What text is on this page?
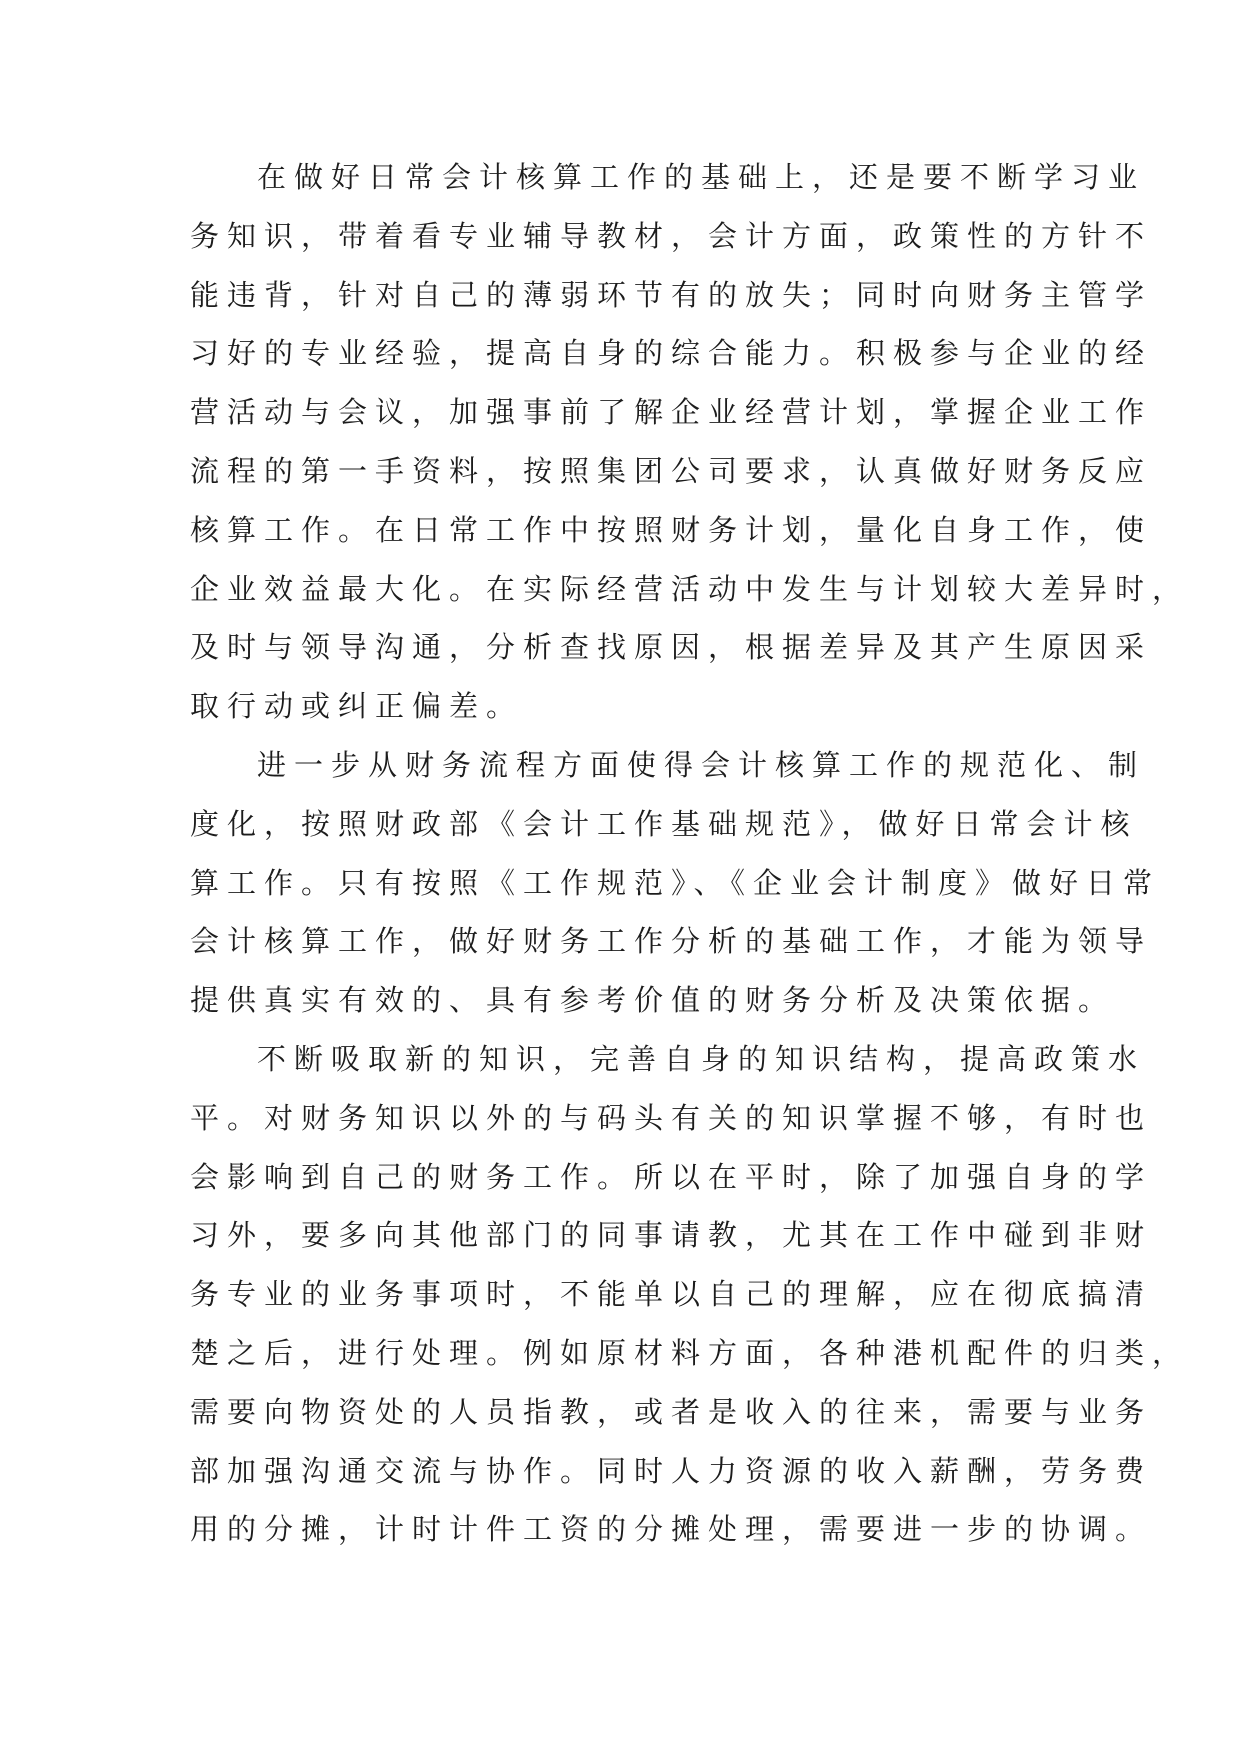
在做好日常会计核算工作的基础上，还是要不断学习业
务知识，带着看专业辅导教材，会计方面，政策性的方针不
能违背，针对自己的薄弱环节有的放失；同时向财务主管学
习好的专业经验，提高自身的综合能力。积极参与企业的经
营活动与会议，加强事前了解企业经营计划，掌握企业工作
流程的第一手资料，按照集团公司要求，认真做好财务反应
核算工作。在日常工作中按照财务计划，量化自身工作，使
企业效益最大化。在实际经营活动中发生与计划较大差异时，
及时与领导沟通，分析查找原因，根据差异及其产生原因采
取行动或纠正偏差。
进一步从财务流程方面使得会计核算工作的规范化、制
度化，按照财政部《会计工作基础规范》，做好日常会计核
算工作。只有按照《工作规范》、《企业会计制度》做好日常
会计核算工作，做好财务工作分析的基础工作，才能为领导
提供真实有效的、具有参考价值的财务分析及决策依据。
不断吸取新的知识，完善自身的知识结构，提高政策水
平。对财务知识以外的与码头有关的知识掌握不够，有时也
会影响到自己的财务工作。所以在平时，除了加强自身的学
习外，要多向其他部门的同事请教，尤其在工作中碰到非财
务专业的业务事项时，不能单以自己的理解，应在彻底搞清
楚之后，进行处理。例如原材料方面，各种港机配件的归类，
需要向物资处的人员指教，或者是收入的往来，需要与业务
部加强沟通交流与协作。同时人力资源的收入薪酬，劳务费
用的分摊，计时计件工资的分摊处理，需要进一步的协调。
